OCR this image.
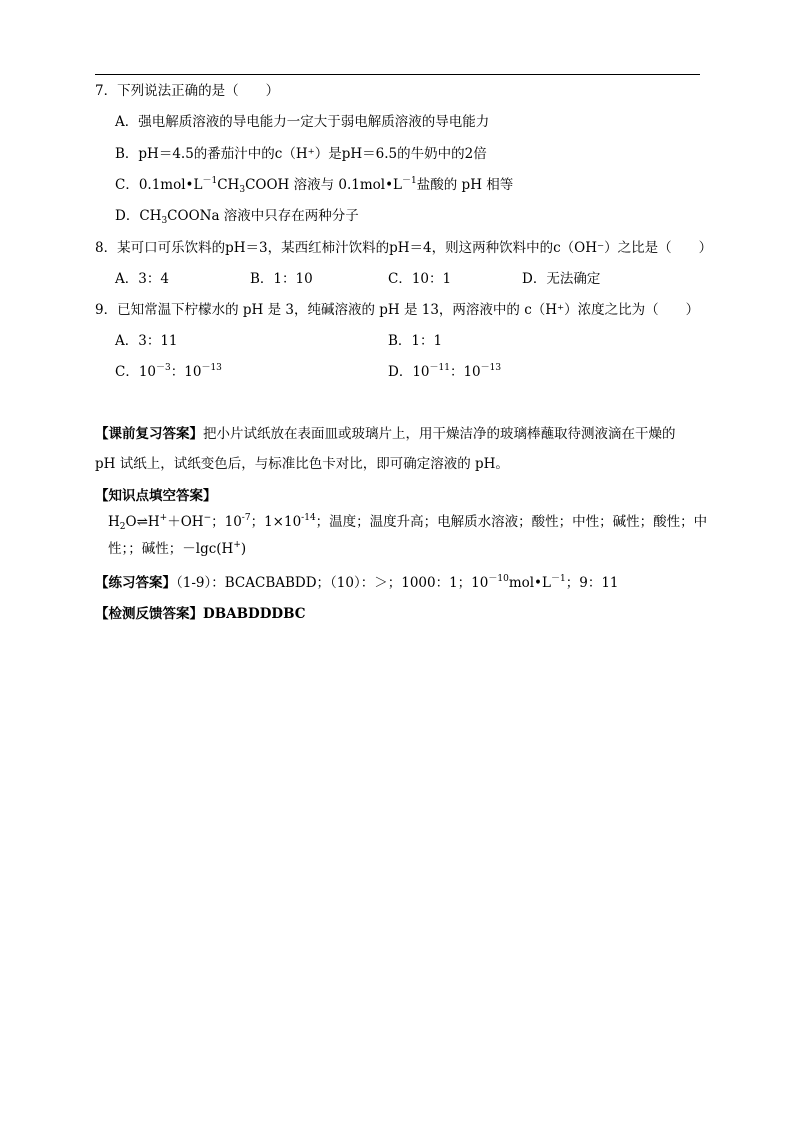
7．下列说法正确的是（　　）
A．强电解质溶液的导电能力一定大于弱电解质溶液的导电能力
B．pH＝4.5的番茄汁中的c（H⁺）是pH＝6.5的牛奶中的2倍
C．$0.1mol•L^{-1}CH_3COOH$ 溶液与 $0.1mol•L^{-1}$盐酸的 pH 相等
D．$CH_3COONa$ 溶液中只存在两种分子
8．某可口可乐饮料的pH＝3，某西红柿汁饮料的pH＝4，则这两种饮料中的c（OH⁻）之比是（　　）
A．3：4	B．1：10	C．10：1	D．无法确定
9．已知常温下柠檬水的 pH 是 3，纯碱溶液的 pH 是 13，两溶液中的 c（H⁺）浓度之比为（　　）
A．3：11	B．1：1
C．$10^{-3}$：$10^{-13}$	D．$10^{-11}$：$10^{-13}$
【课前复习答案】把小片试纸放在表面皿或玻璃片上，用干燥洁净的玻璃棒蘸取待测液滴在干燥的
pH 试纸上，试纸变色后，与标准比色卡对比，即可确定溶液的 pH。
【知识点填空答案】
$H_2O\rightleftharpoons H^++OH^-$；$10^{-7}$；$1\times 10^{-14}$；温度；温度升高；电解质水溶液；酸性；中性；碱性；酸性；中
性；；碱性；－lgc(H+)
【练习答案】（1-9）：BCACBABDD；（10）：＞；1000：1；$10^{-10}mol•L^{-1}$；9：11
【检测反馈答案】DBABDDDBC
